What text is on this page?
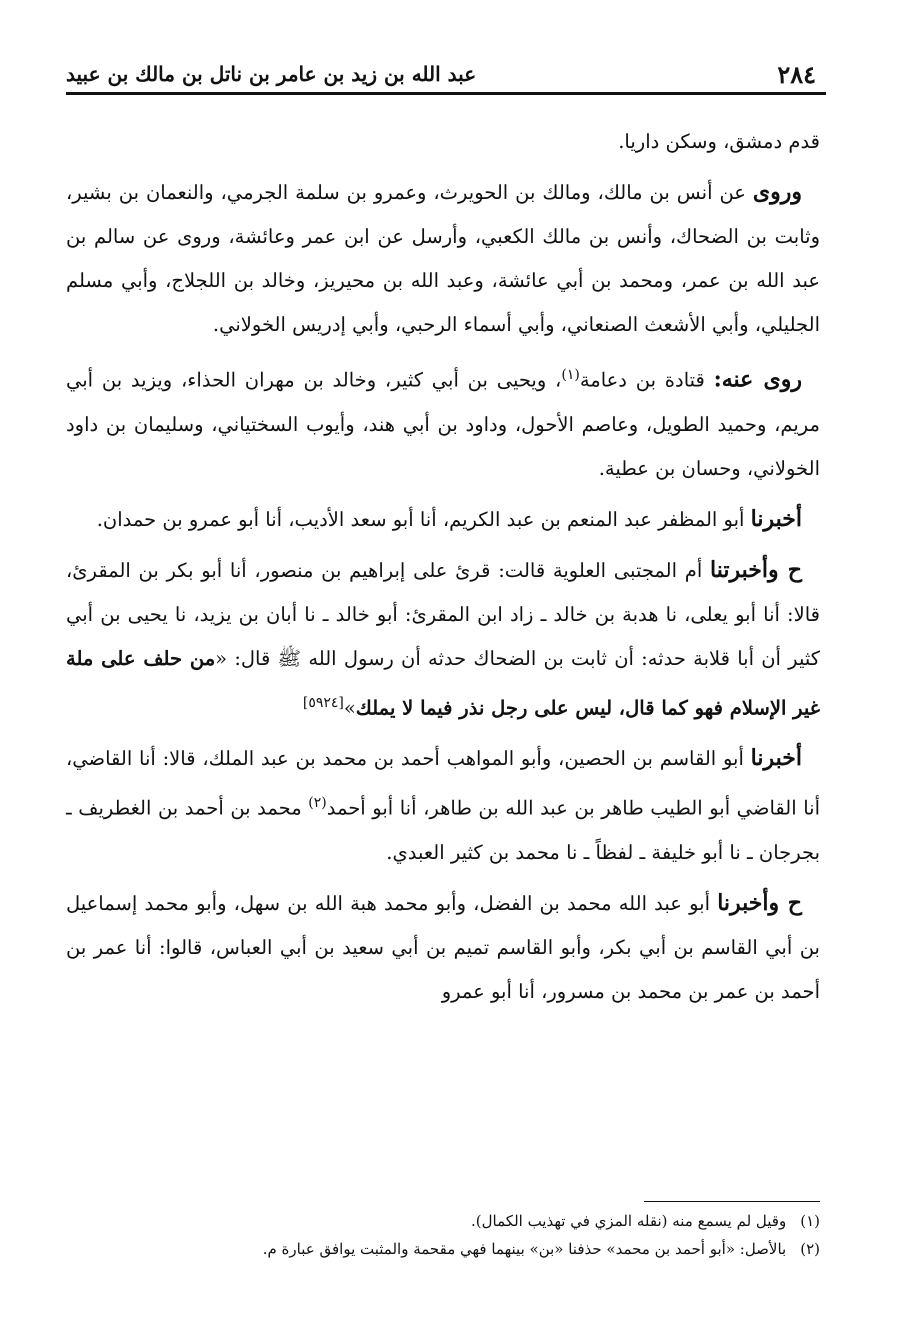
٢٨٤
عبد الله بن زيد بن عامر بن ناتل بن مالك بن عبيد

قدم دمشق، وسكن داريا.

وروى عن أنس بن مالك، ومالك بن الحويرث، وعمرو بن سلمة الجرمي، والنعمان بن بشير، وثابت بن الضحاك، وأنس بن مالك الكعبي، وأرسل عن ابن عمر وعائشة، وروى عن سالم بن عبد الله بن عمر، ومحمد بن أبي عائشة، وعبد الله بن محيريز، وخالد بن اللجلاج، وأبي مسلم الجليلي، وأبي الأشعث الصنعاني، وأبي أسماء الرحبي، وأبي إدريس الخولاني.

روى عنه: قتادة بن دعامة$^{(١)}$، ويحيى بن أبي كثير، وخالد بن مهران الحذاء، ويزيد بن أبي مريم، وحميد الطويل، وعاصم الأحول، وداود بن أبي هند، وأيوب السختياني، وسليمان بن داود الخولاني، وحسان بن عطية.

أخبرنا أبو المظفر عبد المنعم بن عبد الكريم، أنا أبو سعد الأديب، أنا أبو عمرو بن حمدان.

ح وأخبرتنا أم المجتبى العلوية قالت: قرئ على إبراهيم بن منصور، أنا أبو بكر بن المقرئ، قالا: أنا أبو يعلى، نا هدبة بن خالد ـ زاد ابن المقرئ: أبو خالد ـ نا أبان بن يزيد، نا يحيى بن أبي كثير أن أبا قلابة حدثه: أن ثابت بن الضحاك حدثه أن رسول الله ﷺ قال: «من حلف على ملة غير الإسلام فهو كما قال، ليس على رجل نذر فيما لا يملك»[٥٩٢٤]

أخبرنا أبو القاسم بن الحصين، وأبو المواهب أحمد بن محمد بن عبد الملك، قالا: أنا القاضي، أنا القاضي أبو الطيب طاهر بن عبد الله بن طاهر، أنا أبو أحمد$^{(٢)}$ محمد بن أحمد بن الغطريف ـ بجرجان ـ نا أبو خليفة ـ لفظاً ـ نا محمد بن كثير العبدي.

ح وأخبرنا أبو عبد الله محمد بن الفضل، وأبو محمد هبة الله بن سهل، وأبو محمد إسماعيل بن أبي القاسم بن أبي بكر، وأبو القاسم تميم بن أبي سعيد بن أبي العباس، قالوا: أنا عمر بن أحمد بن عمر بن محمد بن مسرور، أنا أبو عمرو

(١)
وقيل لم يسمع منه (نقله المزي في تهذيب الكمال).
(٢)
بالأصل: «أبو أحمد بن محمد» حذفنا «بن» بينهما فهي مقحمة والمثبت يوافق عبارة م.
